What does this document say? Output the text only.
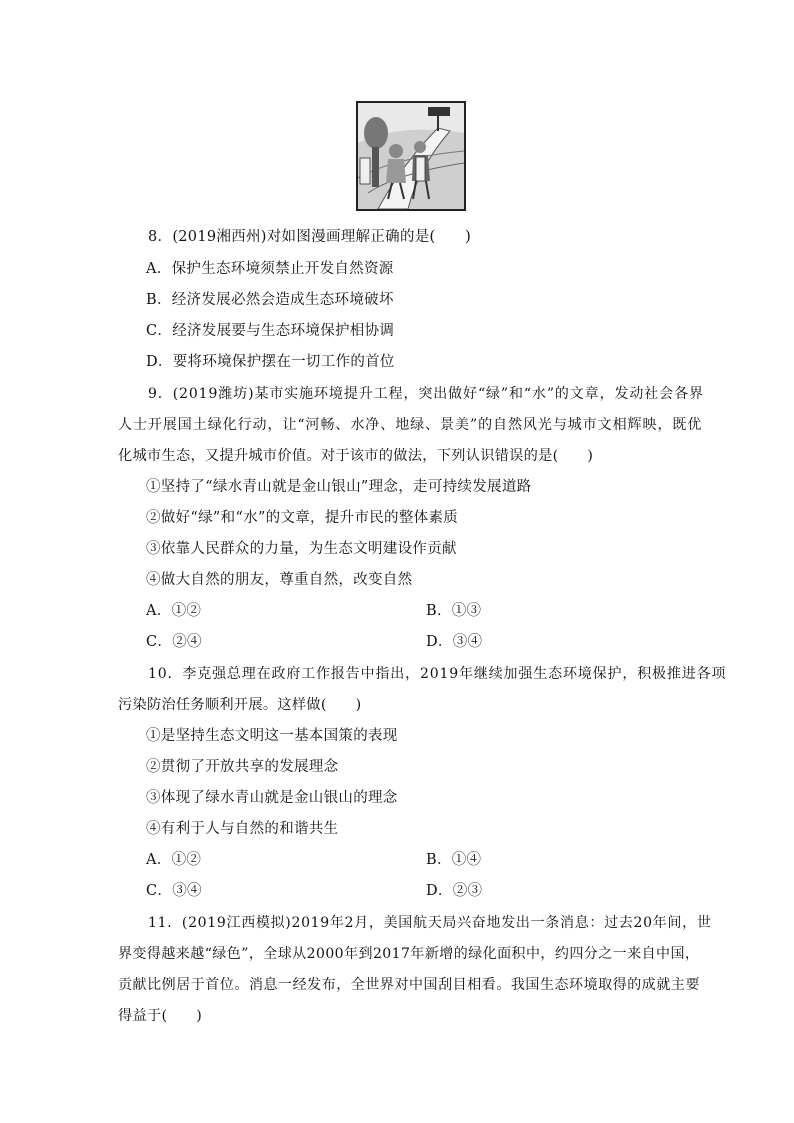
8．(2019湘西州)对如图漫画理解正确的是(　　)
A．保护生态环境须禁止开发自然资源
B．经济发展必然会造成生态环境破坏
C．经济发展要与生态环境保护相协调
D．要将环境保护摆在一切工作的首位
9．(2019潍坊)某市实施环境提升工程，突出做好“绿”和“水”的文章，发动社会各界
人士开展国土绿化行动，让“河畅、水净、地绿、景美”的自然风光与城市文相辉映，既优
化城市生态，又提升城市价值。对于该市的做法，下列认识错误的是(　　)
①坚持了“绿水青山就是金山银山”理念，走可持续发展道路
②做好“绿”和“水”的文章，提升市民的整体素质
③依靠人民群众的力量，为生态文明建设作贡献
④做大自然的朋友，尊重自然，改变自然
A．①②	B．①③
C．②④	D．③④
10．李克强总理在政府工作报告中指出，2019年继续加强生态环境保护，积极推进各项
污染防治任务顺利开展。这样做(　　)
①是坚持生态文明这一基本国策的表现
②贯彻了开放共享的发展理念
③体现了绿水青山就是金山银山的理念
④有利于人与自然的和谐共生
A．①②	B．①④
C．③④	D．②③
11．(2019江西模拟)2019年2月，美国航天局兴奋地发出一条消息：过去20年间，世
界变得越来越“绿色”，全球从2000年到2017年新增的绿化面积中，约四分之一来自中国，
贡献比例居于首位。消息一经发布，全世界对中国刮目相看。我国生态环境取得的成就主要
得益于(　　)
